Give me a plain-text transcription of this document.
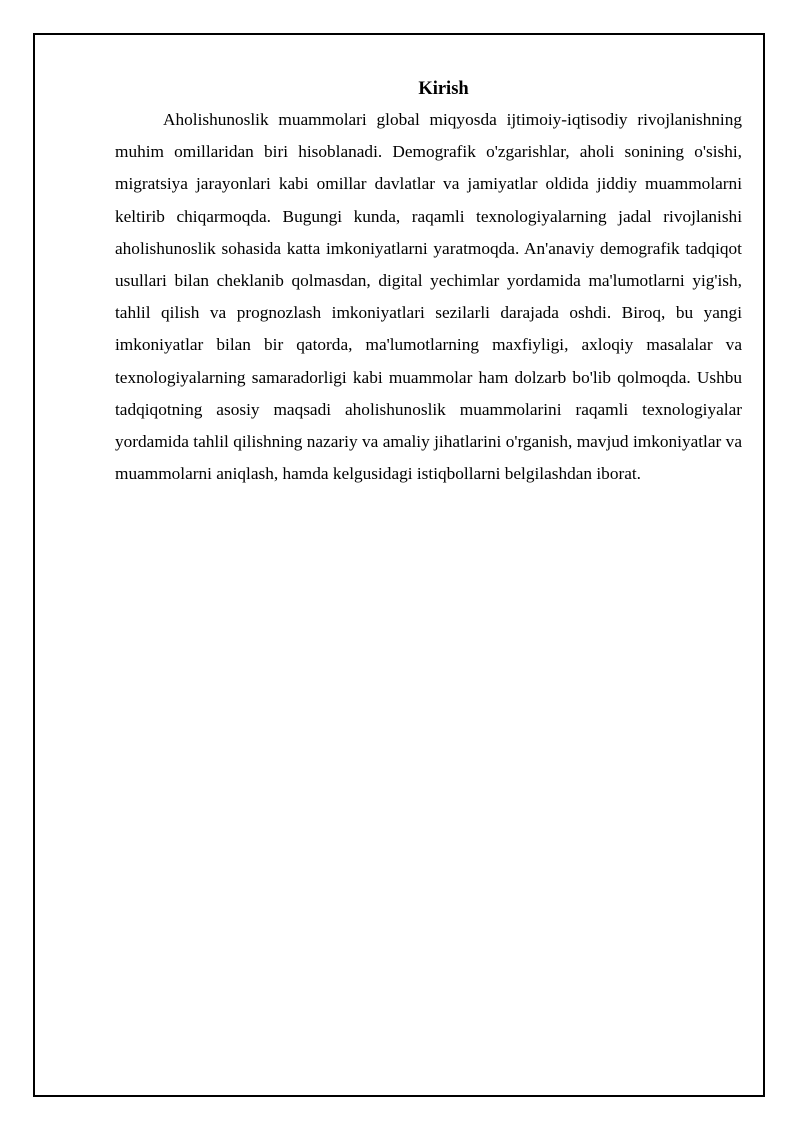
Kirish

Aholishunoslik muammolari global miqyosda ijtimoiy-iqtisodiy rivojlanishning muhim omillaridan biri hisoblanadi. Demografik o'zgarishlar, aholi sonining o'sishi, migratsiya jarayonlari kabi omillar davlatlar va jamiyatlar oldida jiddiy muammolarni keltirib chiqarmoqda. Bugungi kunda, raqamli texnologiyalarning jadal rivojlanishi aholishunoslik sohasida katta imkoniyatlarni yaratmoqda. An'anaviy demografik tadqiqot usullari bilan cheklanib qolmasdan, digital yechimlar yordamida ma'lumotlarni yig'ish, tahlil qilish va prognozlash imkoniyatlari sezilarli darajada oshdi. Biroq, bu yangi imkoniyatlar bilan bir qatorda, ma'lumotlarning maxfiyligi, axloqiy masalalar va texnologiyalarning samaradorligi kabi muammolar ham dolzarb bo'lib qolmoqda. Ushbu tadqiqotning asosiy maqsadi aholishunoslik muammolarini raqamli texnologiyalar yordamida tahlil qilishning nazariy va amaliy jihatlarini o'rganish, mavjud imkoniyatlar va muammolarni aniqlash, hamda kelgusidagi istiqbollarni belgilashdan iborat.
